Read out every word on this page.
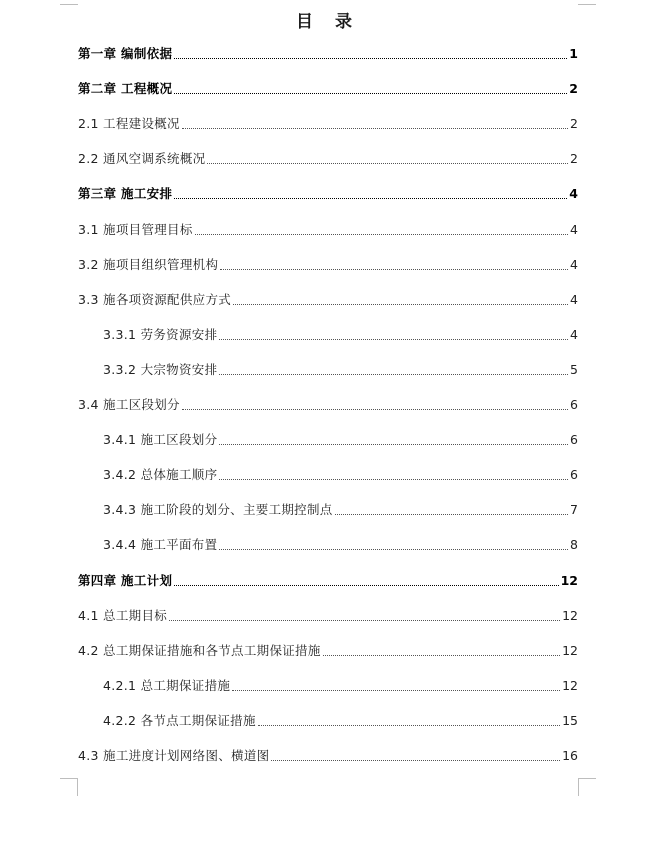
目 录
第一章 编制依据	1
第二章 工程概况	2
2.1 工程建设概况	2
2.2 通风空调系统概况	2
第三章 施工安排	4
3.1 施项目管理目标	4
3.2 施项目组织管理机构	4
3.3 施各项资源配供应方式	4
3.3.1 劳务资源安排	4
3.3.2 大宗物资安排	5
3.4 施工区段划分	6
3.4.1 施工区段划分	6
3.4.2 总体施工顺序	6
3.4.3 施工阶段的划分、主要工期控制点	7
3.4.4 施工平面布置	8
第四章 施工计划	12
4.1 总工期目标	12
4.2 总工期保证措施和各节点工期保证措施	12
4.2.1 总工期保证措施	12
4.2.2 各节点工期保证措施	15
4.3 施工进度计划网络图、横道图	16
